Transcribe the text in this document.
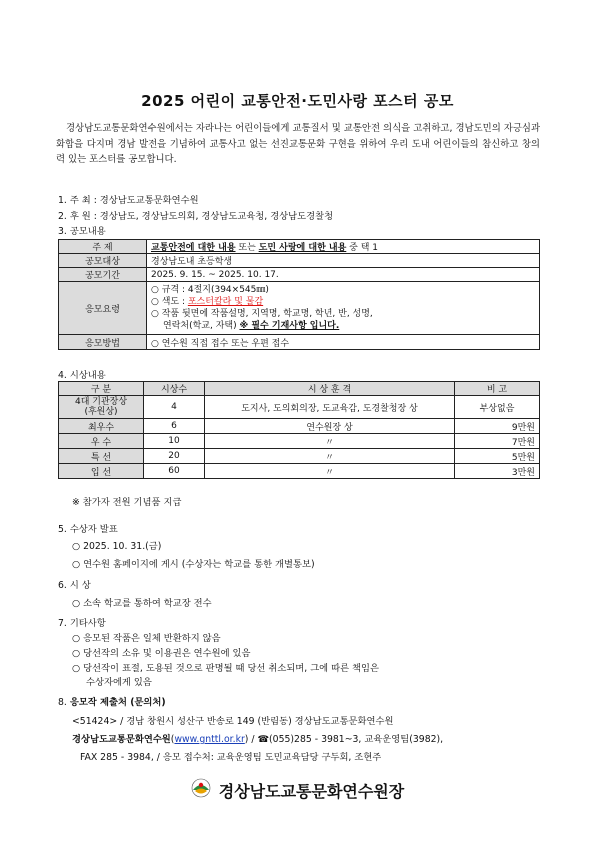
2025 어린이 교통안전·도민사랑 포스터 공모
경상남도교통문화연수원에서는 자라나는 어린이들에게 교통질서 및 교통안전 의식을 고취하고, 경남도민의 자긍심과 화합을 다지며 경남 발전을 기념하여 교통사고 없는 선진교통문화 구현을 위하여 우리 도내 어린이들의 참신하고 창의력 있는 포스터를 공모합니다.
1. 주 최 : 경상남도교통문화연수원
2. 후 원 : 경상남도, 경상남도의회, 경상남도교육청, 경상남도경찰청
3. 공모내용
주 제	교통안전에 대한 내용 또는 도민 사랑에 대한 내용 중 택 1
공모대상	경상남도내 초등학생
공모기간	2025. 9. 15. ~ 2025. 10. 17.
응모요령	○ 규격 : 4절지(394×545㎜)
○ 색도 : 포스터칼라 및 물감
○ 작품 뒷면에 작품설명, 지역명, 학교명, 학년, 반, 성명,
연락처(학교, 자택) ※ 필수 기재사항 입니다.

응모방법	○ 연수원 직접 접수 또는 우편 접수
4. 시상내용
구 분	시상수	시 상 훈 격	비 고

4대 기관장상
(후원상)	4	도지사, 도의회의장, 도교육감, 도경찰청장 상	부상없음
최우수	6	연수원장 상	9만원
우 수	10	〃	7만원
특 선	20	〃	5만원
입 선	60	〃	3만원
※ 참가자 전원 기념품 지급
5. 수상자 발표
○ 2025. 10. 31.(금)
○ 연수원 홈페이지에 게시 (수상자는 학교를 통한 개별통보)
6. 시 상
○ 소속 학교를 통하여 학교장 전수
7. 기타사항
○ 응모된 작품은 일체 반환하지 않음
○ 당선작의 소유 및 이용권은 연수원에 있음
○ 당선작이 표절, 도용된 것으로 판명될 때 당선 취소되며, 그에 따른 책임은
수상자에게 있음
8. 응모작 제출처 (문의처)
<51424> / 경남 창원시 성산구 반송로 149 (반림동) 경상남도교통문화연수원
경상남도교통문화연수원(www.gnttl.or.kr) / ☎(055)285 - 3981~3, 교육운영팀(3982),
FAX 285 - 3984, / 응모 접수처: 교육운영팀 도민교육담당 구두회, 조현주
경상남도교통문화연수원장
